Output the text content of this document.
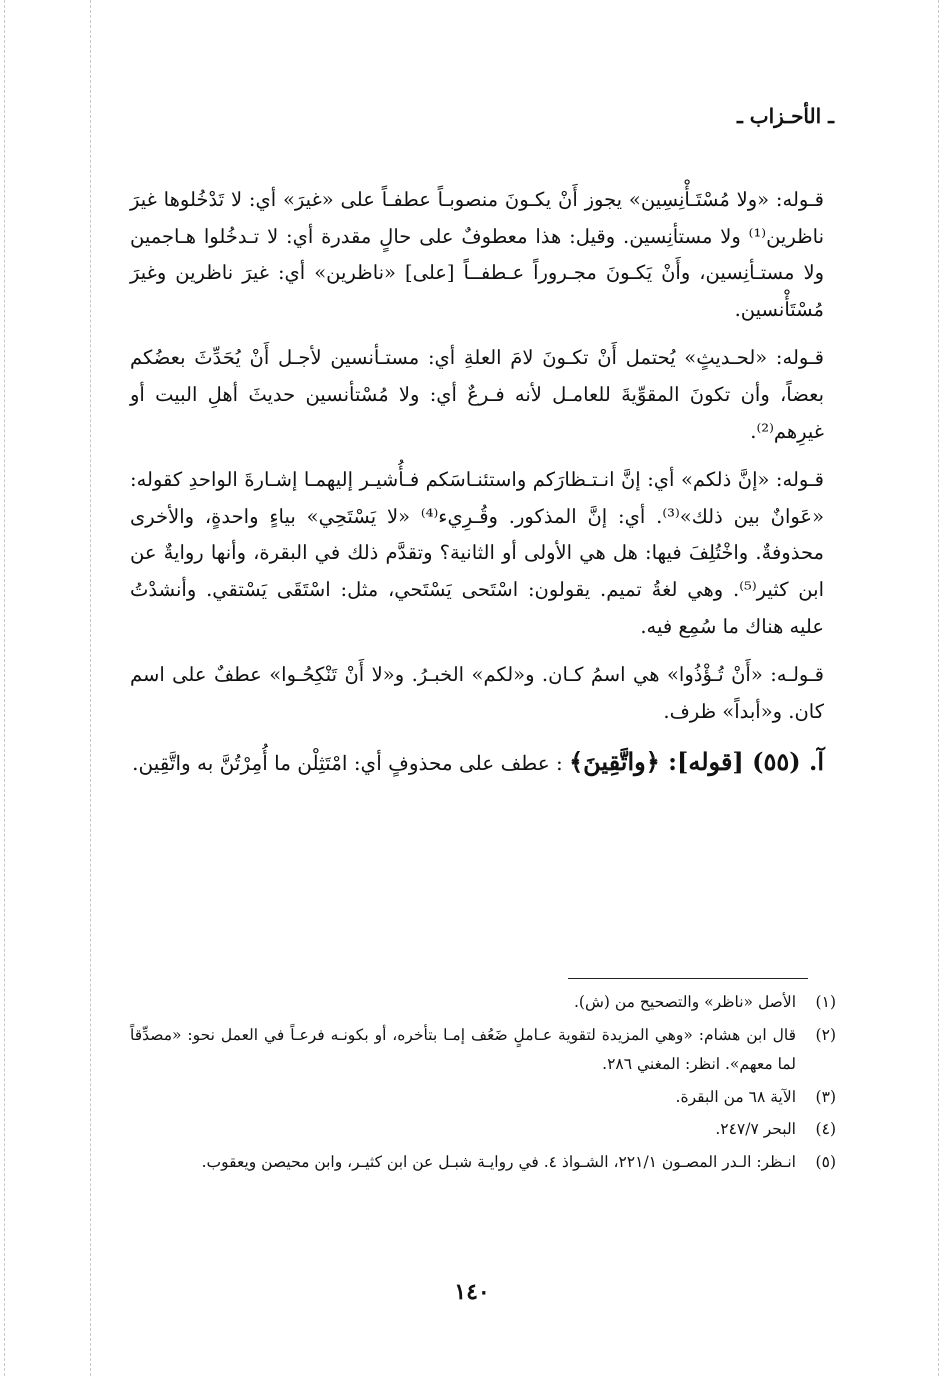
ـ الأحـزاب ـ

قـوله: «ولا مُسْتَـأْنِسِين» يجوز أَنْ يكـونَ منصوبـاً عطفـاً على «غيرَ» أي: لا تَدْخُلوها غيرَ ناظرين⁽¹⁾ ولا مستأنِسين. وقيل: هذا معطوفٌ على حالٍ مقدرة أي: لا تـدخُلوا هـاجمين ولا مستـأنِسين، وأَنْ يَكـونَ مجـروراً عـطفــاً [على] «ناظرين» أي: غيرَ ناظرين وغيرَ مُسْتَأْنسين.

قـوله: «لحـديثٍ» يُحتمل أَنْ تكـونَ لامَ العلةِ أي: مستـأنسين لأجـل أَنْ يُحَدِّثَ بعضُكم بعضاً، وأن تكونَ المقوِّيةَ للعامـل لأنه فـرعٌ أي: ولا مُسْتأنسين حديثَ أهلِ البيت أو غيرِهم⁽²⁾.

قـوله: «إنَّ ذلكم» أي: إنَّ انـتـظارَكم واستئنـاسَكم فـأُشيـر إليهمـا إشـارةَ الواحدِ كقوله: «عَوانٌ بين ذلك»⁽³⁾. أي: إنَّ المذكور. وقُـرِيء⁽⁴⁾ «لا يَسْتَحِي» بياءٍ واحدةٍ، والأخرى محذوفةٌ. واخْتُلِفَ فيها: هل هي الأولى أو الثانية؟ وتقدَّم ذلك في البقرة، وأنها روايةٌ عن ابن كثير⁽⁵⁾. وهي لغةُ تميم. يقولون: اسْتَحى يَسْتَحي، مثل: اسْتَقَى يَسْتقي. وأنشدْتُ عليه هناك ما سُمِع فيه.

قـولـه: «أَنْ تُـؤْذُوا» هي اسمُ كـان. و«لكم» الخبـرُ. و«لا أَنْ تَنْكِحُـوا» عطفٌ على اسم كان. و«أبداً» ظرف.

آ. (٥٥) [قوله]: ﴿واتَّقِينَ﴾ : عطف على محذوفٍ أي: امْتَثِلْن ما أُمِرْتُنَّ به واتَّقِين.

(١)
الأصل «ناظر» والتصحيح من (ش).
(٢)
قال ابن هشام: «وهي المزيدة لتقوية عـاملٍ ضَعُف إمـا بتأخره، أو بكونـه فرعـاً في العمل نحو: «مصدِّقاً لما معهم». انظر: المغني ٢٨٦.
(٣)
الآية ٦٨ من البقرة.
(٤)
البحر ٢٤٧/٧.
(٥)
انـظر: الـدر المصـون ٢٢١/١، الشـواذ ٤. في روايـة شبـل عن ابن كثيـر، وابن محيصن ويعقوب.
١٤٠
